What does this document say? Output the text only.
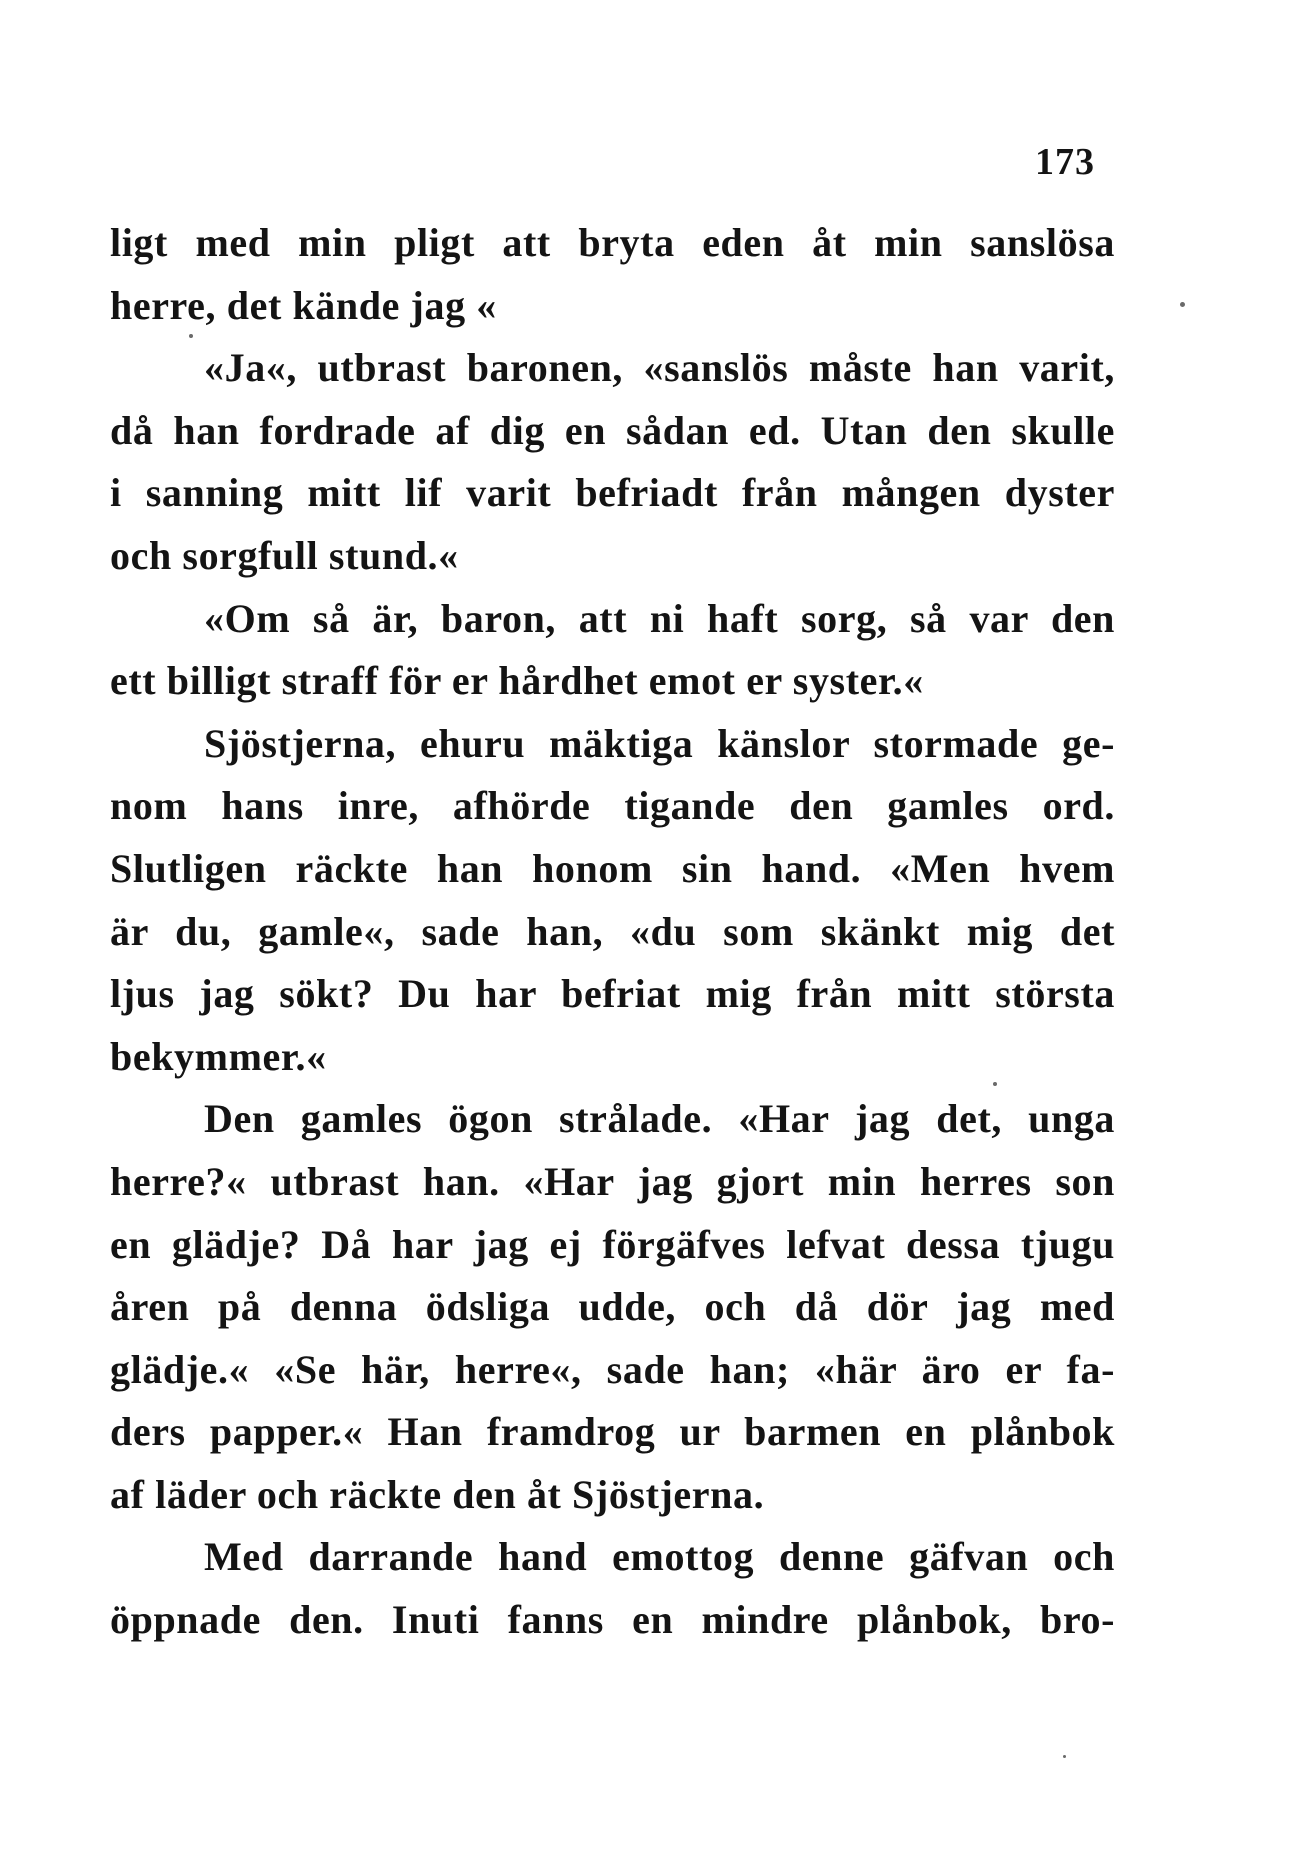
173
ligt med min pligt att bryta eden åt min sanslösa
herre, det kände jag «
«Ja«, utbrast baronen, «sanslös måste han varit,
då han fordrade af dig en sådan ed. Utan den skulle
i sanning mitt lif varit befriadt från mången dyster
och sorgfull stund.«
«Om så är, baron, att ni haft sorg, så var den
ett billigt straff för er hårdhet emot er syster.«
Sjöstjerna, ehuru mäktiga känslor stormade ge-
nom hans inre, afhörde tigande den gamles ord.
Slutligen räckte han honom sin hand. «Men hvem
är du, gamle«, sade han, «du som skänkt mig det
ljus jag sökt? Du har befriat mig från mitt största
bekymmer.«
Den gamles ögon strålade. «Har jag det, unga
herre?« utbrast han. «Har jag gjort min herres son
en glädje? Då har jag ej förgäfves lefvat dessa tjugu
åren på denna ödsliga udde, och då dör jag med
glädje.« «Se här, herre«, sade han; «här äro er fa-
ders papper.« Han framdrog ur barmen en plånbok
af läder och räckte den åt Sjöstjerna.
Med darrande hand emottog denne gäfvan och
öppnade den. Inuti fanns en mindre plånbok, bro-
